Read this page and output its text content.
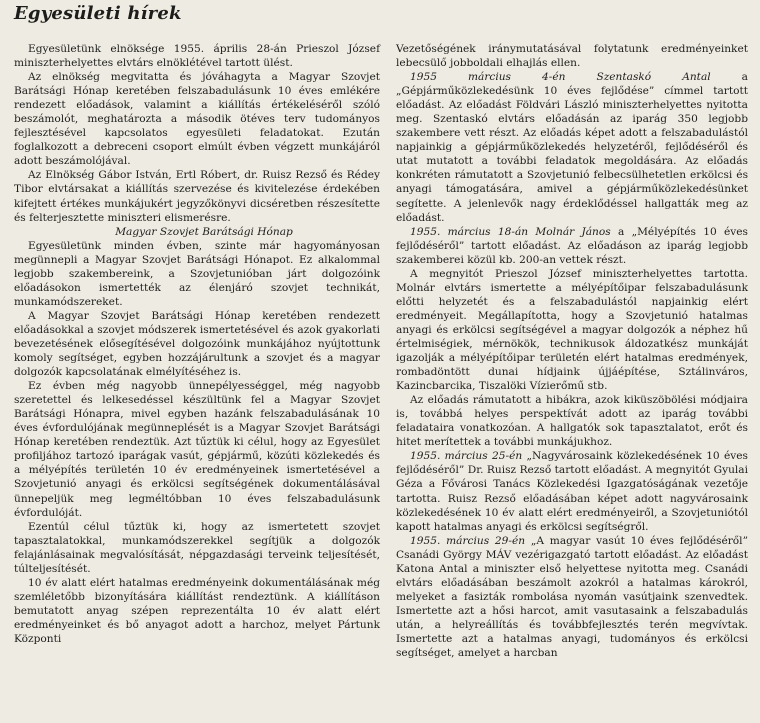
Egyesületi hírek

Egyesületünk elnöksége 1955. április 28-án Prieszol József miniszterhelyettes elvtárs elnöklétével tartott ülést.

Az elnökség megvitatta és jóváhagyta a Magyar Szovjet Barátsági Hónap keretében felszabadulásunk 10 éves emlékére rendezett előadások, valamint a kiállítás értékeléséről szóló beszámolót, meghatározta a második ötéves terv tudományos fejlesztésével kapcsolatos egyesületi feladatokat. Ezután foglalkozott a debreceni csoport elmúlt évben végzett munkájáról adott beszámolójával.

Az Elnökség Gábor István, Ertl Róbert, dr. Ruisz Rezső és Rédey Tibor elvtársakat a kiállítás szervezése és kivitelezése érdekében kifejtett értékes munkájukért jegyzőkönyvi dicséretben részesítette és felterjesztette miniszteri elismerésre.

Magyar Szovjet Barátsági Hónap

Egyesületünk minden évben, szinte már hagyományosan megünnepli a Magyar Szovjet Barátsági Hónapot. Ez alkalommal legjobb szakembereink, a Szovjetunióban járt dolgozóink előadásokon ismertették az élenjáró szovjet technikát, munkamódszereket.

A Magyar Szovjet Barátsági Hónap keretében rendezett előadásokkal a szovjet módszerek ismertetésével és azok gyakorlati bevezetésének elősegítésével dolgozóink munkájához nyújtottunk komoly segítséget, egyben hozzájárultunk a szovjet és a magyar dolgozók kapcsolatának elmélyítéséhez is.

Ez évben még nagyobb ünnepélyességgel, még nagyobb szeretettel és lelkesedéssel készültünk fel a Magyar Szovjet Barátsági Hónapra, mivel egyben hazánk felszabadulásának 10 éves évfordulójának megünneplését is a Magyar Szovjet Barátsági Hónap keretében rendeztük. Azt tűztük ki célul, hogy az Egyesület profiljához tartozó iparágak vasút, gépjármű, közúti közlekedés és a mélyépítés területén 10 év eredményeinek ismertetésével a Szovjetunió anyagi és erkölcsi segítségének dokumentálásával ünnepeljük meg legméltóbban 10 éves felszabadulásunk évfordulóját.

Ezentúl célul tűztük ki, hogy az ismertetett szovjet tapasztalatokkal, munkamódszerekkel segítjük a dolgozók felajánlásainak megvalósítását, népgazdasági terveink teljesítését, túlteljesítését.

10 év alatt elért hatalmas eredményeink dokumentálásának még szemléletőbb bizonyítására kiállítást rendeztünk. A kiállításon bemutatott anyag szépen reprezentálta 10 év alatt elért eredményeinket és bő anyagot adott a harchoz, melyet Pártunk Központi

Vezetőségének iránymutatásával folytatunk eredményeinket lebecsülő jobboldali elhajlás ellen.

1955 március 4-én Szentaskó Antal a „Gépjárműközlekedésünk 10 éves fejlődése” címmel tartott előadást. Az előadást Földvári László miniszterhelyettes nyitotta meg. Szentaskó elvtárs előadásán az iparág 350 legjobb szakembere vett részt. Az előadás képet adott a felszabadulástól napjainkig a gépjárműközlekedés helyzetéről, fejlődéséről és utat mutatott a további feladatok megoldására. Az előadás konkréten rámutatott a Szovjetunió felbecsülhetetlen erkölcsi és anyagi támogatására, amivel a gépjárműközlekedésünket segítette. A jelenlevők nagy érdeklődéssel hallgatták meg az előadást.

1955. március 18-án Molnár János a „Mélyépítés 10 éves fejlődéséről” tartott előadást. Az előadáson az iparág legjobb szakemberei közül kb. 200-an vettek részt.

A megnyitót Prieszol József miniszterhelyettes tartotta. Molnár elvtárs ismertette a mélyépítőipar felszabadulásunk előtti helyzetét és a felszabadulástól napjainkig elért eredményeit. Megállapította, hogy a Szovjetunió hatalmas anyagi és erkölcsi segítségével a magyar dolgozók a néphez hű értelmiségiek, mérnökök, technikusok áldozatkész munkáját igazolják a mélyépítőipar területén elért hatalmas eredmények, rombadöntött dunai hídjaink újjáépítése, Sztálinváros, Kazincbarcika, Tiszalöki Vízierőmű stb.

Az előadás rámutatott a hibákra, azok kiküszöbölési módjaira is, továbbá helyes perspektívát adott az iparág további feladataira vonatkozóan. A hallgatók sok tapasztalatot, erőt és hitet merítettek a további munkájukhoz.

1955. március 25-én „Nagyvárosaink közlekedésének 10 éves fejlődéséről” Dr. Ruisz Rezső tartott előadást. A megnyitót Gyulai Géza a Fővárosi Tanács Közlekedési Igazgatóságának vezetője tartotta. Ruisz Rezső előadásában képet adott nagyvárosaink közlekedésének 10 év alatt elért eredményeiről, a Szovjetuniótól kapott hatalmas anyagi és erkölcsi segítségről.

1955. március 29-én „A magyar vasút 10 éves fejlődéséről” Csanádi György MÁV vezérigazgató tartott előadást. Az előadást Katona Antal a miniszter első helyettese nyitotta meg. Csanádi elvtárs előadásában beszámolt azokról a hatalmas károkról, melyeket a fasizták rombolása nyomán vasútjaink szenvedtek. Ismertette azt a hősi harcot, amit vasutasaink a felszabadulás után, a helyreállítás és továbbfejlesztés terén megvívtak. Ismertette azt a hatalmas anyagi, tudományos és erkölcsi segítséget, amelyet a harcban
